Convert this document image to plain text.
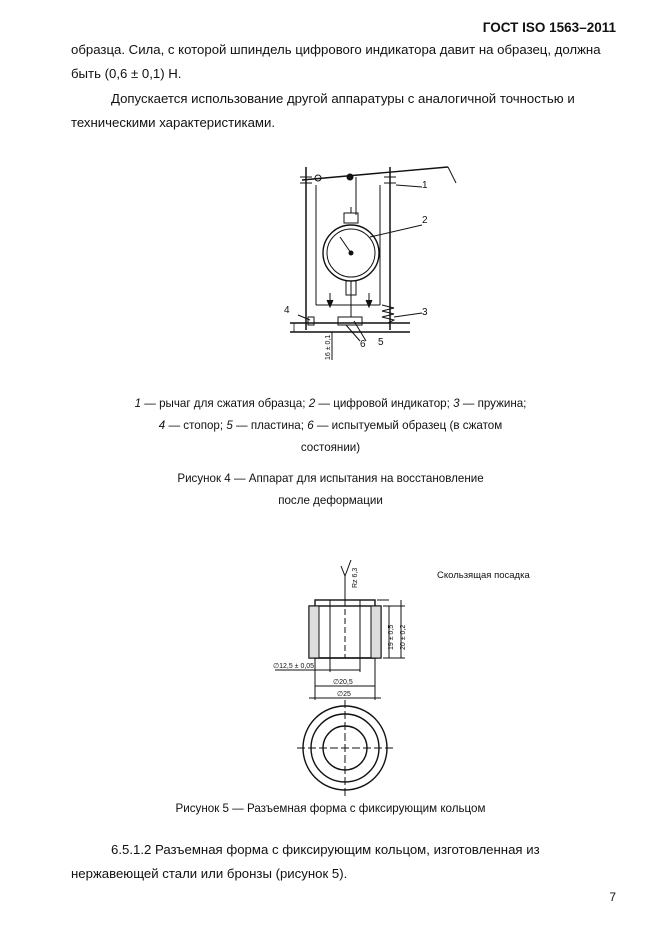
ГОСТ ISO 1563–2011
образца. Сила, с которой шпиндель цифрового индикатора давит на образец, должна
быть (0,6 ± 0,1) Н.
Допускается использование другой аппаратуры с аналогичной точностью и
техническими характеристиками.
1
2
3
4
5
6
16 ± 0,1
1 — рычаг для сжатия образца; 2 — цифровой индикатор; 3 — пружина;
4 — стопор; 5 — пластина; 6 — испытуемый образец (в сжатом
состоянии)
Рисунок 4 — Аппарат для испытания на восстановление
после деформации
Rz 6,3
19 ± 0,5 20 ± 0,2
∅12,5 ± 0,05
∅20,5
∅25
Скользящая посадка
Рисунок 5 — Разъемная форма с фиксирующим кольцом
6.5.1.2 Разъемная форма с фиксирующим кольцом, изготовленная из
нержавеющей стали или бронзы (рисунок 5).
7
